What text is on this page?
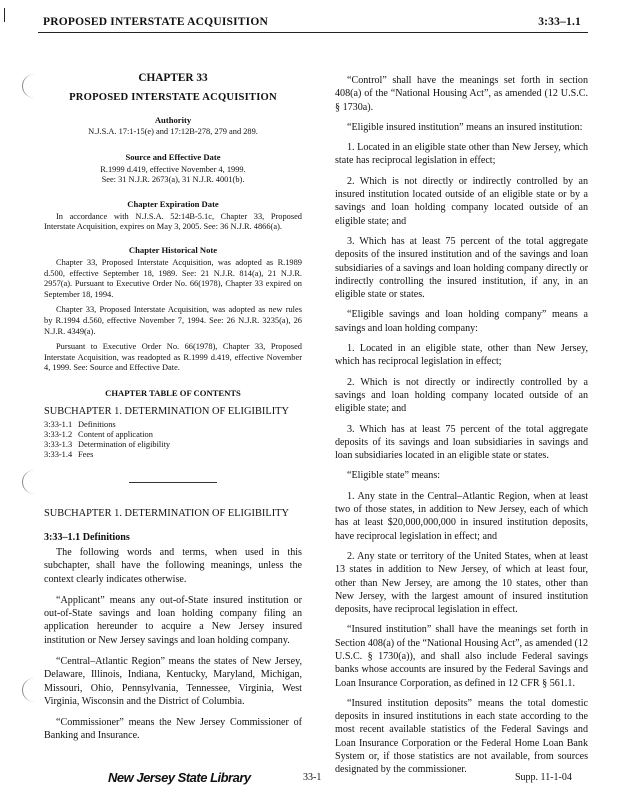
PROPOSED INTERSTATE ACQUISITION	3:33–1.1
CHAPTER 33
PROPOSED INTERSTATE ACQUISITION
Authority

N.J.S.A. 17:1-15(e) and 17:12B-278, 279 and 289.

Source and Effective Date

R.1999 d.419, effective November 4, 1999.

See: 31 N.J.R. 2673(a), 31 N.J.R. 4001(b).

Chapter Expiration Date

In accordance with N.J.S.A. 52:14B-5.1c, Chapter 33, Proposed Interstate Acquisition, expires on May 3, 2005. See: 36 N.J.R. 4866(a).

Chapter Historical Note

Chapter 33, Proposed Interstate Acquisition, was adopted as R.1989 d.500, effective September 18, 1989. See: 21 N.J.R. 814(a), 21 N.J.R. 2957(a). Pursuant to Executive Order No. 66(1978), Chapter 33 expired on September 18, 1994.

Chapter 33, Proposed Interstate Acquisition, was adopted as new rules by R.1994 d.560, effective November 7, 1994. See: 26 N.J.R. 3235(a), 26 N.J.R. 4349(a).

Pursuant to Executive Order No. 66(1978), Chapter 33, Proposed Interstate Acquisition, was readopted as R.1999 d.419, effective November 4, 1999. See: Source and Effective Date.

CHAPTER TABLE OF CONTENTS
SUBCHAPTER 1. DETERMINATION OF ELIGIBILITY
3:33-1.1 Definitions
3:33-1.2 Content of application
3:33-1.3 Determination of eligibility
3:33-1.4 Fees
SUBCHAPTER 1. DETERMINATION OF ELIGIBILITY
3:33–1.1 Definitions

The following words and terms, when used in this subchapter, shall have the following meanings, unless the context clearly indicates otherwise.

“Applicant” means any out-of-State insured institution or out-of-State savings and loan holding company filing an application hereunder to acquire a New Jersey insured institution or New Jersey savings and loan holding company.

“Central–Atlantic Region” means the states of New Jersey, Delaware, Illinois, Indiana, Kentucky, Maryland, Michigan, Missouri, Ohio, Pennsylvania, Tennessee, Virginia, West Virginia, Wisconsin and the District of Columbia.

“Commissioner” means the New Jersey Commissioner of Banking and Insurance.

“Control” shall have the meanings set forth in section 408(a) of the “National Housing Act”, as amended (12 U.S.C. § 1730a).

“Eligible insured institution” means an insured institution:

1. Located in an eligible state other than New Jersey, which state has reciprocal legislation in effect;

2. Which is not directly or indirectly controlled by an insured institution located outside of an eligible state or by a savings and loan holding company located outside of an eligible state; and

3. Which has at least 75 percent of the total aggregate deposits of the insured institution and of the savings and loan subsidiaries of a savings and loan holding company directly or indirectly controlling the insured institution, if any, in an eligible state or states.

“Eligible savings and loan holding company” means a savings and loan holding company:

1. Located in an eligible state, other than New Jersey, which has reciprocal legislation in effect;

2. Which is not directly or indirectly controlled by a savings and loan holding company located outside of an eligible state; and

3. Which has at least 75 percent of the total aggregate deposits of its savings and loan subsidiaries in savings and loan subsidiaries located in an eligible state or states.

“Eligible state” means:

1. Any state in the Central–Atlantic Region, when at least two of those states, in addition to New Jersey, each of which has at least $20,000,000,000 in insured institution deposits, have reciprocal legislation in effect; and

2. Any state or territory of the United States, when at least 13 states in addition to New Jersey, of which at least four, other than New Jersey, are among the 10 states, other than New Jersey, with the largest amount of insured institution deposits, have reciprocal legislation in effect.

“Insured institution” shall have the meanings set forth in Section 408(a) of the “National Housing Act”, as amended (12 U.S.C. § 1730(a)), and shall also include Federal savings banks whose accounts are insured by the Federal Savings and Loan Insurance Corporation, as defined in 12 CFR § 561.1.

“Insured institution deposits” means the total domestic deposits in insured institutions in each state according to the most recent available statistics of the Federal Savings and Loan Insurance Corporation or the Federal Home Loan Bank System or, if those statistics are not available, from sources designated by the commissioner.

New Jersey State Library	33-1	Supp. 11-1-04
